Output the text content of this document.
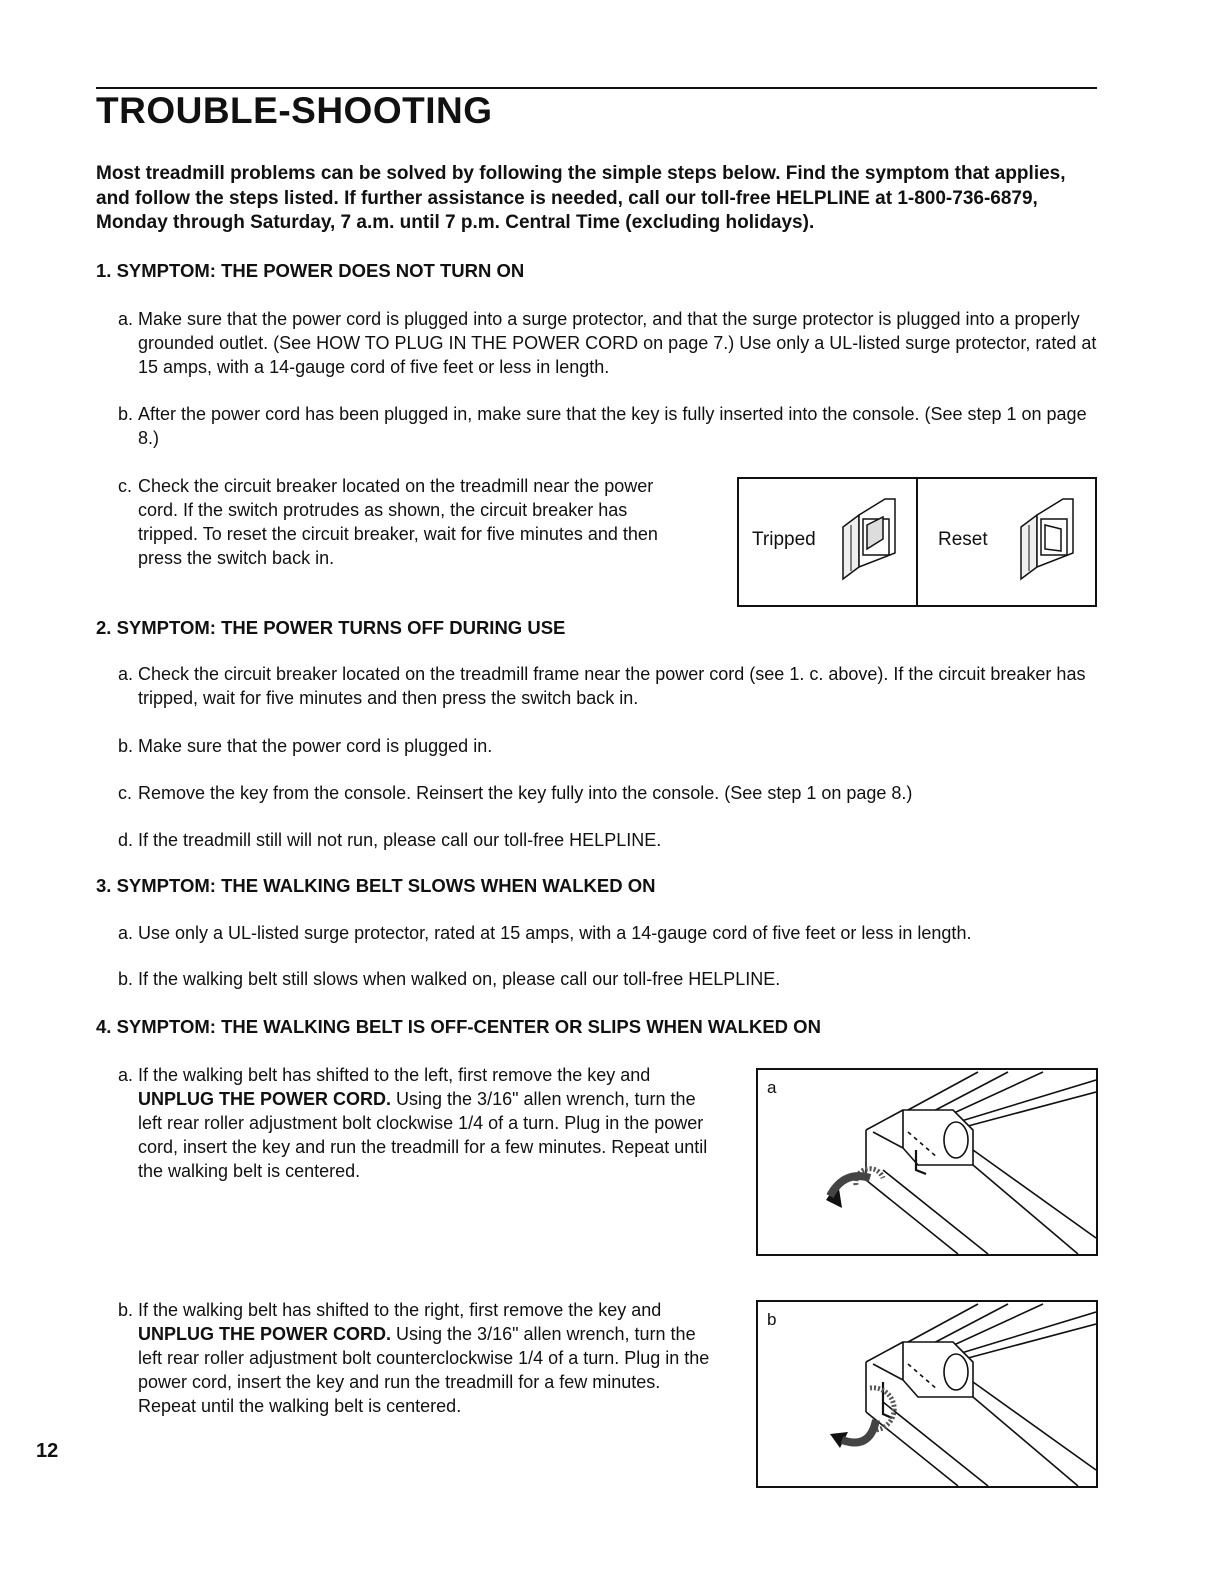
TROUBLE-SHOOTING

Most treadmill problems can be solved by following the simple steps below. Find the symptom that applies, and follow the steps listed. If further assistance is needed, call our toll-free HELPLINE at 1-800-736-6879, Monday through Saturday, 7 a.m. until 7 p.m. Central Time (excluding holidays).

1. SYMPTOM: THE POWER DOES NOT TURN ON

a. Make sure that the power cord is plugged into a surge protector, and that the surge protector is plugged into a properly grounded outlet. (See HOW TO PLUG IN THE POWER CORD on page 7.) Use only a UL-listed surge protector, rated at 15 amps, with a 14-gauge cord of five feet or less in length.

b. After the power cord has been plugged in, make sure that the key is fully inserted into the console. (See step 1 on page 8.)

c. Check the circuit breaker located on the treadmill near the power cord. If the switch protrudes as shown, the circuit breaker has tripped. To reset the circuit breaker, wait for five minutes and then press the switch back in.

Tripped	Reset
2. SYMPTOM: THE POWER TURNS OFF DURING USE

a. Check the circuit breaker located on the treadmill frame near the power cord (see 1. c. above). If the circuit breaker has tripped, wait for five minutes and then press the switch back in.

b. Make sure that the power cord is plugged in.

c. Remove the key from the console. Reinsert the key fully into the console. (See step 1 on page 8.)

d. If the treadmill still will not run, please call our toll-free HELPLINE.

3. SYMPTOM: THE WALKING BELT SLOWS WHEN WALKED ON

a. Use only a UL-listed surge protector, rated at 15 amps, with a 14-gauge cord of five feet or less in length.

b. If the walking belt still slows when walked on, please call our toll-free HELPLINE.

4. SYMPTOM: THE WALKING BELT IS OFF-CENTER OR SLIPS WHEN WALKED ON

a. If the walking belt has shifted to the left, first remove the key and UNPLUG THE POWER CORD. Using the 3/16" allen wrench, turn the left rear roller adjustment bolt clockwise 1/4 of a turn. Plug in the power cord, insert the key and run the treadmill for a few minutes. Repeat until the walking belt is centered.

b. If the walking belt has shifted to the right, first remove the key and UNPLUG THE POWER CORD. Using the 3/16" allen wrench, turn the left rear roller adjustment bolt counterclockwise 1/4 of a turn. Plug in the power cord, insert the key and run the treadmill for a few minutes. Repeat until the walking belt is centered.

a
b

12
